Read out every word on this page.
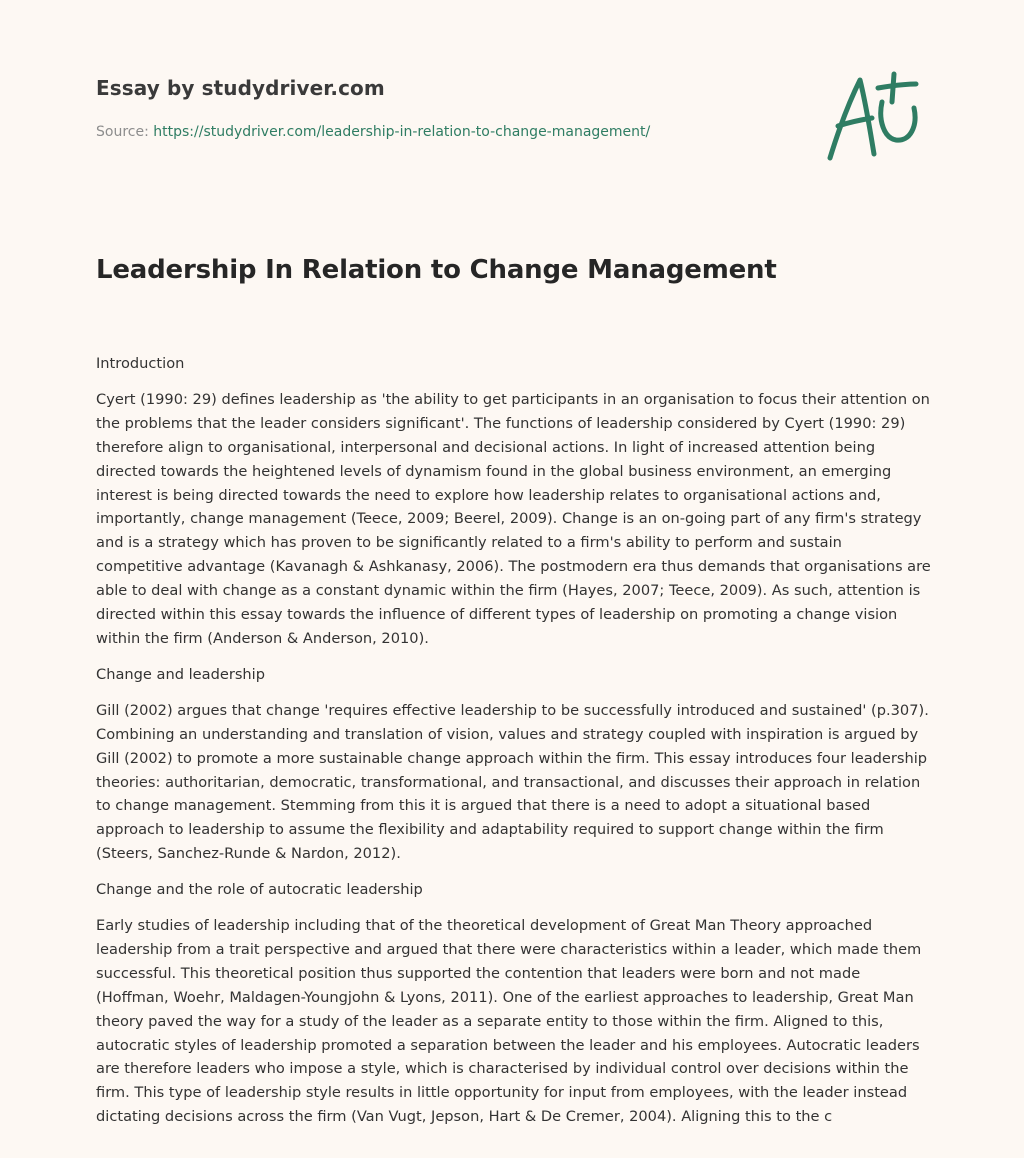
Essay by studydriver.com
Source: https://studydriver.com/leadership-in-relation-to-change-management/
Leadership In Relation to Change Management

Introduction

Cyert (1990: 29) defines leadership as 'the ability to get participants in an organisation to focus their attention on the problems that the leader considers significant'. The functions of leadership considered by Cyert (1990: 29) therefore align to organisational, interpersonal and decisional actions. In light of increased attention being directed towards the heightened levels of dynamism found in the global business environment, an emerging interest is being directed towards the need to explore how leadership relates to organisational actions and, importantly, change management (Teece, 2009; Beerel, 2009). Change is an on-going part of any firm's strategy and is a strategy which has proven to be significantly related to a firm's ability to perform and sustain competitive advantage (Kavanagh & Ashkanasy, 2006). The postmodern era thus demands that organisations are able to deal with change as a constant dynamic within the firm (Hayes, 2007; Teece, 2009). As such, attention is directed within this essay towards the influence of different types of leadership on promoting a change vision within the firm (Anderson & Anderson, 2010).

Change and leadership

Gill (2002) argues that change 'requires effective leadership to be successfully introduced and sustained' (p.307). Combining an understanding and translation of vision, values and strategy coupled with inspiration is argued by Gill (2002) to promote a more sustainable change approach within the firm. This essay introduces four leadership theories: authoritarian, democratic, transformational, and transactional, and discusses their approach in relation to change management. Stemming from this it is argued that there is a need to adopt a situational based approach to leadership to assume the flexibility and adaptability required to support change within the firm (Steers, Sanchez-Runde & Nardon, 2012).

Change and the role of autocratic leadership

Early studies of leadership including that of the theoretical development of Great Man Theory approached leadership from a trait perspective and argued that there were characteristics within a leader, which made them successful. This theoretical position thus supported the contention that leaders were born and not made (Hoffman, Woehr, Maldagen-Youngjohn & Lyons, 2011). One of the earliest approaches to leadership, Great Man theory paved the way for a study of the leader as a separate entity to those within the firm. Aligned to this, autocratic styles of leadership promoted a separation between the leader and his employees. Autocratic leaders are therefore leaders who impose a style, which is characterised by individual control over decisions within the firm. This type of leadership style results in little opportunity for input from employees, with the leader instead dictating decisions across the firm (Van Vugt, Jepson, Hart & De Cremer, 2004). Aligning this to the c
